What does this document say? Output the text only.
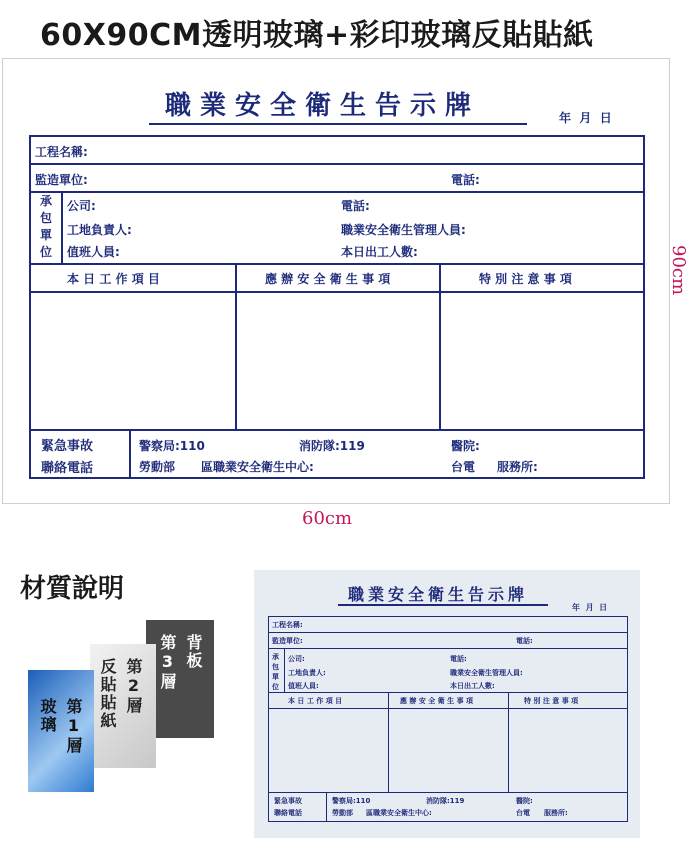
60X90CM透明玻璃+彩印玻璃反貼貼紙
職業安全衛生告示牌	年  月  日
工程名稱:
監造單位:	電話:
承
包
單
位
公司:	電話:
工地負責人:	職業安全衛生管理人員:
值班人員:	本日出工人數:
本 日 工 作 項 目	應 辦 安 全 衛 生 事 項	特 別 注 意 事 項
緊急事故
聯絡電話
警察局:110	消防隊:119	醫院:
勞動部 區職業安全衛生中心:	台電 服務所:
90cm
60cm
材質說明
背板
第3層
第2層
反貼貼紙
第1層
玻璃
職業安全衛生告示牌
年  月  日
工程名稱:
監造單位:	電話:
承
包
單
位
公司:	電話:
工地負責人:	職業安全衛生管理人員:
值班人員:	本日出工人數:
本 日 工 作 項 目	應 辦 安 全 衛 生 事 項	特 別 注 意 事 項
緊急事故
聯絡電話
警察局:110	消防隊:119	醫院:
勞動部 區職業安全衛生中心:	台電 服務所:
